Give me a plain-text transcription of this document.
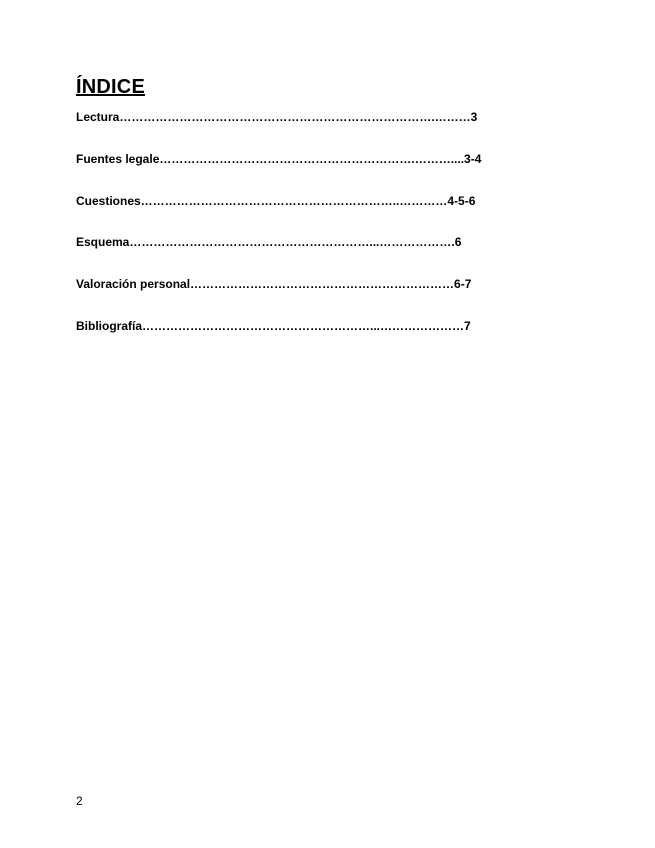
ÍNDICE
Lectura…………………………………………………………………….………3
Fuentes legale……………………………………………………….………....3-4
Cuestiones………………………………………………………..…………4-5-6
Esquema……………………………………………………...……………….6
Valoración personal…………………………………………………………6-7
Bibliografía…………………………………………………...…………………7
2
